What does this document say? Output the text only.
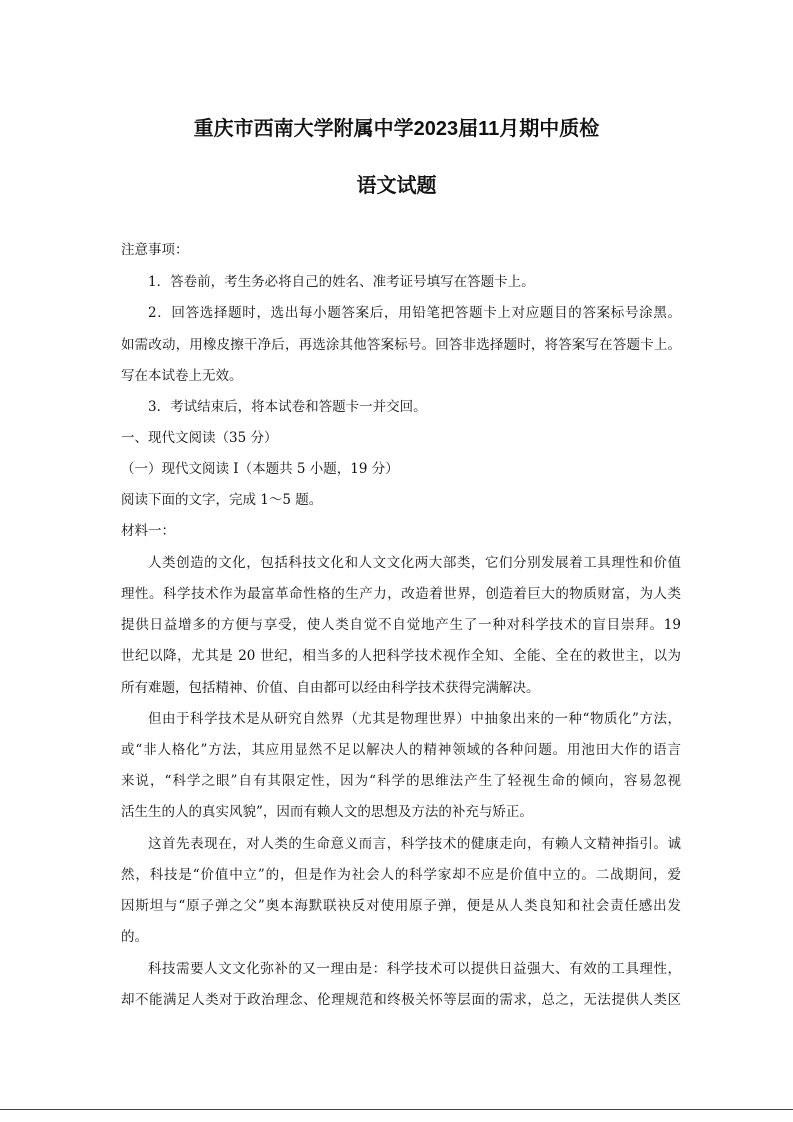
重庆市西南大学附属中学2023届11月期中质检
语文试题
注意事项：
1．答卷前，考生务必将自己的姓名、准考证号填写在答题卡上。
2．回答选择题时，选出每小题答案后，用铅笔把答题卡上对应题目的答案标号涂黑。
如需改动，用橡皮擦干净后，再选涂其他答案标号。回答非选择题时，将答案写在答题卡上。
写在本试卷上无效。
3．考试结束后，将本试卷和答题卡一并交回。
一、现代文阅读（35 分）
（一）现代文阅读 I（本题共 5 小题，19 分）
阅读下面的文字，完成 1～5 题。
材料一：
人类创造的文化，包括科技文化和人文文化两大部类，它们分别发展着工具理性和价值
理性。科学技术作为最富革命性格的生产力，改造着世界，创造着巨大的物质财富，为人类
提供日益增多的方便与享受，使人类自觉不自觉地产生了一种对科学技术的盲目崇拜。19
世纪以降，尤其是 20 世纪，相当多的人把科学技术视作全知、全能、全在的救世主，以为
所有难题，包括精神、价值、自由都可以经由科学技术获得完满解决。
但由于科学技术是从研究自然界（尤其是物理世界）中抽象出来的一种“物质化”方法，
或“非人格化”方法，其应用显然不足以解决人的精神领域的各种问题。用池田大作的语言
来说，“科学之眼”自有其限定性，因为“科学的思维法产生了轻视生命的倾向，容易忽视
活生生的人的真实风貌”，因而有赖人文的思想及方法的补充与矫正。
这首先表现在，对人类的生命意义而言，科学技术的健康走向，有赖人文精神指引。诚
然，科技是“价值中立”的，但是作为社会人的科学家却不应是价值中立的。二战期间，爱
因斯坦与“原子弹之父”奥本海默联袂反对使用原子弹，便是从人类良知和社会责任感出发
的。
科技需要人文文化弥补的又一理由是：科学技术可以提供日益强大、有效的工具理性，
却不能满足人类对于政治理念、伦理规范和终极关怀等层面的需求，总之，无法提供人类区
